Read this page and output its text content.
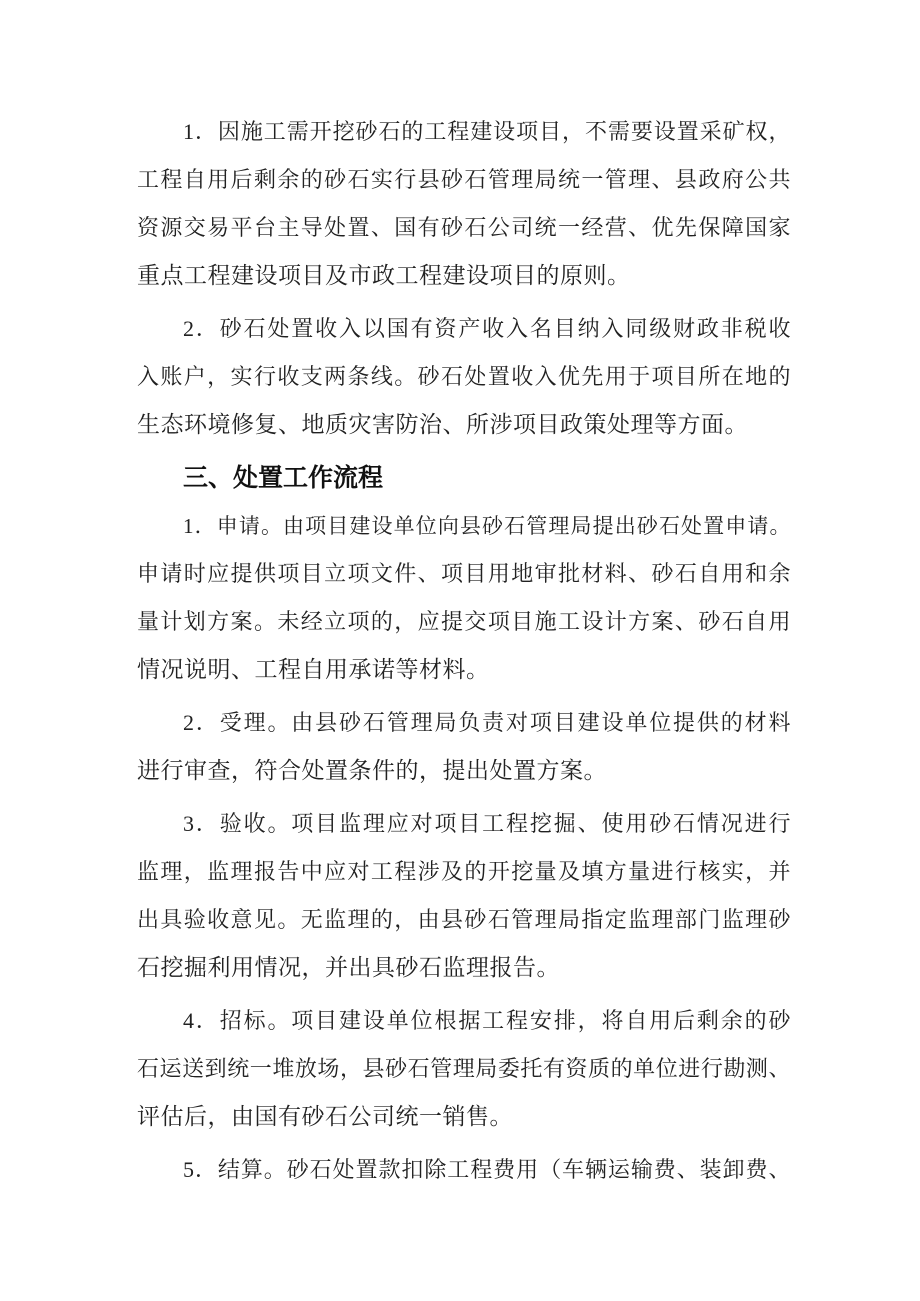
1．因施工需开挖砂石的工程建设项目，不需要设置采矿权，
工程自用后剩余的砂石实行县砂石管理局统一管理、县政府公共
资源交易平台主导处置、国有砂石公司统一经营、优先保障国家
重点工程建设项目及市政工程建设项目的原则。
2．砂石处置收入以国有资产收入名目纳入同级财政非税收
入账户，实行收支两条线。砂石处置收入优先用于项目所在地的
生态环境修复、地质灾害防治、所涉项目政策处理等方面。
三、处置工作流程
1．申请。由项目建设单位向县砂石管理局提出砂石处置申请。
申请时应提供项目立项文件、项目用地审批材料、砂石自用和余
量计划方案。未经立项的，应提交项目施工设计方案、砂石自用
情况说明、工程自用承诺等材料。
2．受理。由县砂石管理局负责对项目建设单位提供的材料
进行审查，符合处置条件的，提出处置方案。
3．验收。项目监理应对项目工程挖掘、使用砂石情况进行
监理，监理报告中应对工程涉及的开挖量及填方量进行核实，并
出具验收意见。无监理的，由县砂石管理局指定监理部门监理砂
石挖掘利用情况，并出具砂石监理报告。
4．招标。项目建设单位根据工程安排，将自用后剩余的砂
石运送到统一堆放场，县砂石管理局委托有资质的单位进行勘测、
评估后，由国有砂石公司统一销售。
5．结算。砂石处置款扣除工程费用（车辆运输费、装卸费、
